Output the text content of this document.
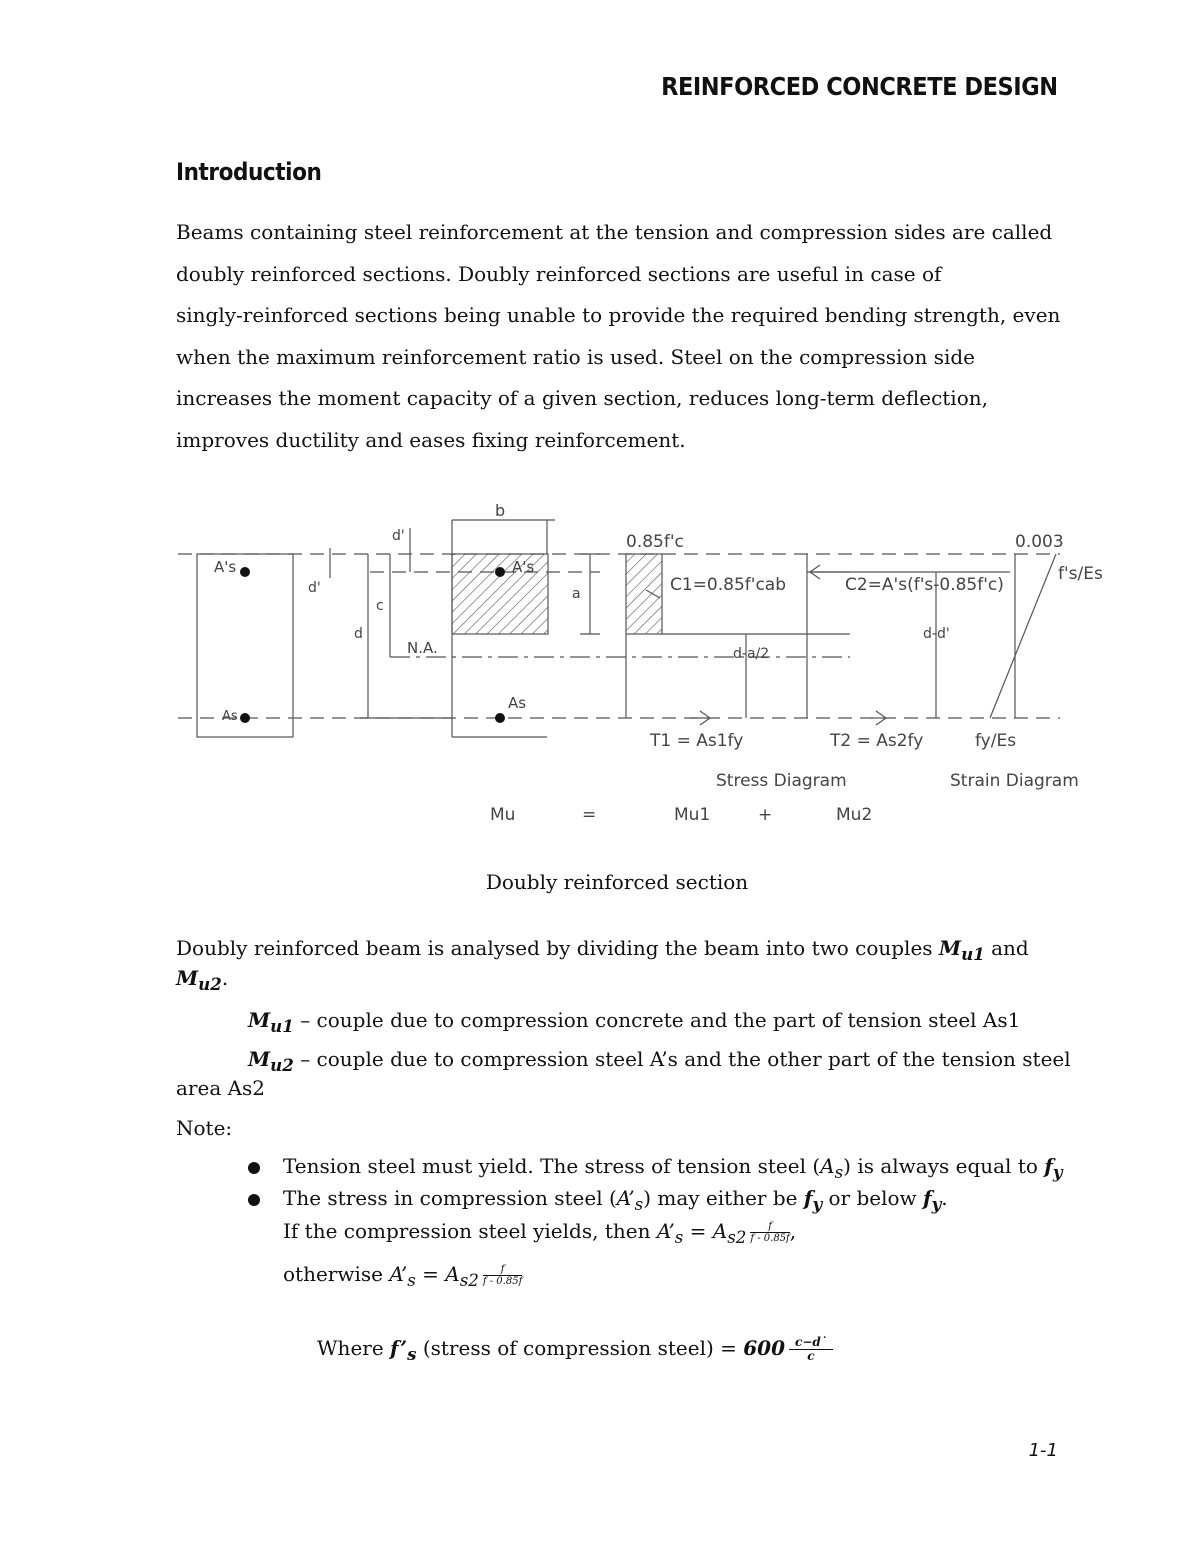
REINFORCED CONCRETE DESIGN
Introduction

Beams containing steel reinforcement at the tension and compression sides are called

doubly reinforced sections. Doubly reinforced sections are useful in case of

singly-reinforced sections being unable to provide the required bending strength, even

when the maximum reinforcement ratio is used. Steel on the compression side

increases the moment capacity of a given section, reduces long-term deflection,

improves ductility and eases fixing reinforcement.

b
d'
d'
A's	A's
As
As
c
d
N.A.
a
0.85f'c
C1=0.85f'cab	C2=A's(f's-0.85f'c)
d-a/2
d-d'
T1 = As1fy	T2 = As2fy
0.003
f's/Es
fy/Es
Stress Diagram	Strain Diagram
Mu	=	Mu1	+	Mu2
Doubly reinforced section
Doubly reinforced beam is analysed by dividing the beam into two couples $M_{u1}$ and
$M_{u2}$.
$M_{u1}$ – couple due to compression concrete and the part of tension steel As1
$M_{u2}$ – couple due to compression steel A’s and the other part of the tension steel
area As2
Note:
Tension steel must yield. The stress of tension steel $(A_s)$ is always equal to $f_y$
The stress in compression steel $(A’_s)$ may either be $f_y$ or below $f_y$.
If the compression steel yields, then $A’_s = A_{s2} \frac{f}{f - 0.85f}$ ,
otherwise $A’_s = A_{s2} \frac{f}{f - 0.85f}$
Where $f’_s$ (stress of compression steel) = 600 c−d˙
c
1-1
